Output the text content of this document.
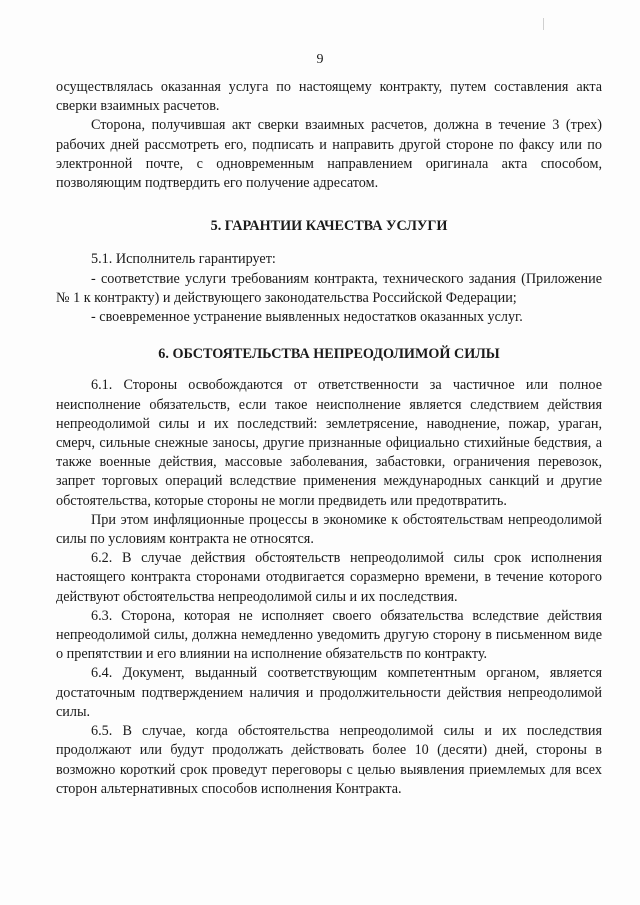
9

осуществлялась оказанная услуга по настоящему контракту, путем составления акта сверки взаимных расчетов.

Сторона, получившая акт сверки взаимных расчетов, должна в течение 3 (трех) рабочих дней рассмотреть его, подписать и направить другой стороне по факсу или по электронной почте, с одновременным направлением оригинала акта способом, позволяющим подтвердить его получение адресатом.

5. ГАРАНТИИ КАЧЕСТВА УСЛУГИ

5.1. Исполнитель гарантирует:

- соответствие услуги требованиям контракта, технического задания (Приложение № 1 к контракту) и действующего законодательства Российской Федерации;

- своевременное устранение выявленных недостатков оказанных услуг.

6. ОБСТОЯТЕЛЬСТВА НЕПРЕОДОЛИМОЙ СИЛЫ

6.1. Стороны освобождаются от ответственности за частичное или полное неисполнение обязательств, если такое неисполнение является следствием действия непреодолимой силы и их последствий: землетрясение, наводнение, пожар, ураган, смерч, сильные снежные заносы, другие признанные официально стихийные бедствия, а также военные действия, массовые заболевания, забастовки, ограничения перевозок, запрет торговых операций вследствие применения международных санкций и другие обстоятельства, которые стороны не могли предвидеть или предотвратить.

При этом инфляционные процессы в экономике к обстоятельствам непреодолимой силы по условиям контракта не относятся.

6.2. В случае действия обстоятельств непреодолимой силы срок исполнения настоящего контракта сторонами отодвигается соразмерно времени, в течение которого действуют обстоятельства непреодолимой силы и их последствия.

6.3. Сторона, которая не исполняет своего обязательства вследствие действия непреодолимой силы, должна немедленно уведомить другую сторону в письменном виде о препятствии и его влиянии на исполнение обязательств по контракту.

6.4. Документ, выданный соответствующим компетентным органом, является достаточным подтверждением наличия и продолжительности действия непреодолимой силы.

6.5. В случае, когда обстоятельства непреодолимой силы и их последствия продолжают или будут продолжать действовать более 10 (десяти) дней, стороны в возможно короткий срок проведут переговоры с целью выявления приемлемых для всех сторон альтернативных способов исполнения Контракта.
